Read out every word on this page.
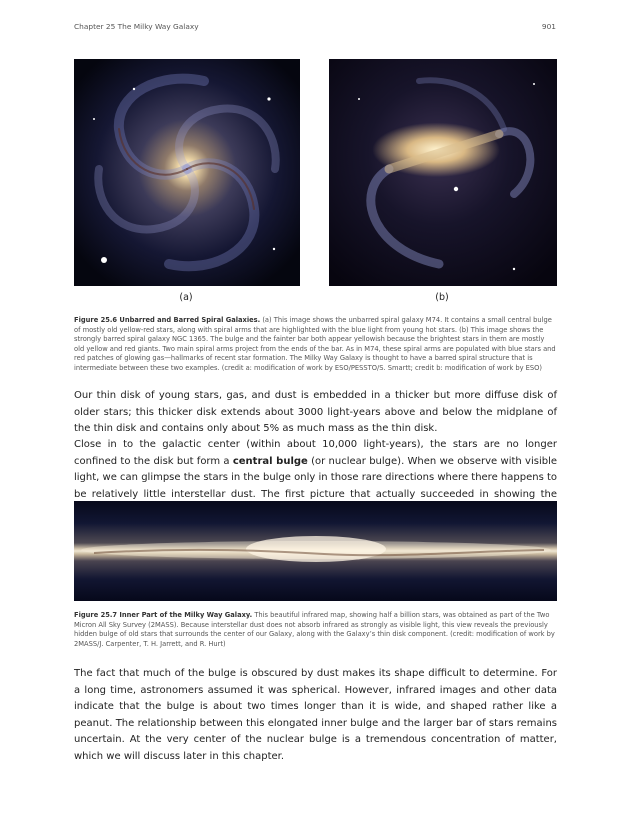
Chapter 25 The Milky Way Galaxy	901
(a)	(b)
Figure 25.6 Unbarred and Barred Spiral Galaxies. (a) This image shows the unbarred spiral galaxy M74. It contains a small central bulge of mostly old yellow-red stars, along with spiral arms that are highlighted with the blue light from young hot stars. (b) This image shows the strongly barred spiral galaxy NGC 1365. The bulge and the fainter bar both appear yellowish because the brightest stars in them are mostly old yellow and red giants. Two main spiral arms project from the ends of the bar. As in M74, these spiral arms are populated with blue stars and red patches of glowing gas—hallmarks of recent star formation. The Milky Way Galaxy is thought to have a barred spiral structure that is intermediate between these two examples. (credit a: modification of work by ESO/PESSTO/S. Smartt; credit b: modification of work by ESO)

Our thin disk of young stars, gas, and dust is embedded in a thicker but more diffuse disk of older stars; this thicker disk extends about 3000 light-years above and below the midplane of the thin disk and contains only about 5% as much mass as the thin disk.

Close in to the galactic center (within about 10,000 light-years), the stars are no longer confined to the disk but form a central bulge (or nuclear bulge). When we observe with visible light, we can glimpse the stars in the bulge only in those rare directions where there happens to be relatively little interstellar dust. The first picture that actually succeeded in showing the

Figure 25.7 Inner Part of the Milky Way Galaxy. This beautiful infrared map, showing half a billion stars, was obtained as part of the Two Micron All Sky Survey (2MASS). Because interstellar dust does not absorb infrared as strongly as visible light, this view reveals the previously hidden bulge of old stars that surrounds the center of our Galaxy, along with the Galaxy’s thin disk component. (credit: modification of work by 2MASS/J. Carpenter, T. H. Jarrett, and R. Hurt)

The fact that much of the bulge is obscured by dust makes its shape difficult to determine. For a long time, astronomers assumed it was spherical. However, infrared images and other data indicate that the bulge is about two times longer than it is wide, and shaped rather like a peanut. The relationship between this elongated inner bulge and the larger bar of stars remains uncertain. At the very center of the nuclear bulge is a tremendous concentration of matter, which we will discuss later in this chapter.
